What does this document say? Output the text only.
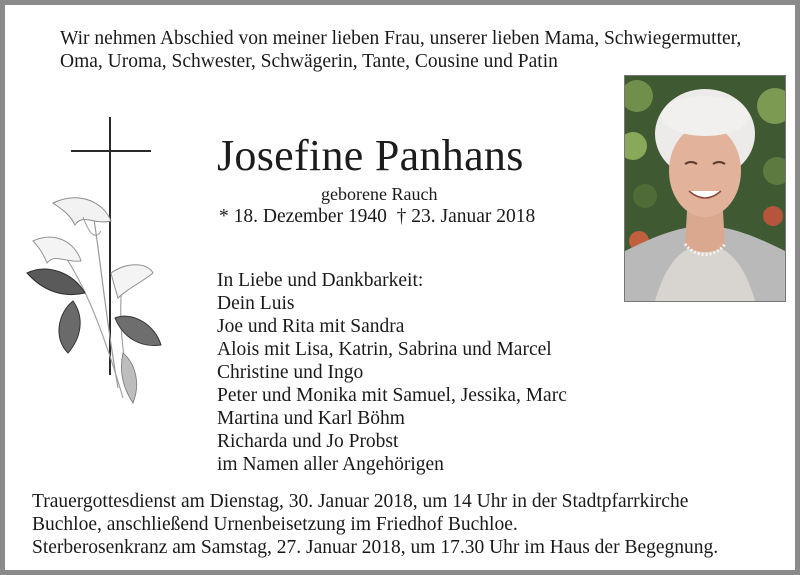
Wir nehmen Abschied von meiner lieben Frau, unserer lieben Mama, Schwiegermutter,
Oma, Uroma, Schwester, Schwägerin, Tante, Cousine und Patin
Josefine Panhans
geborene Rauch
* 18. Dezember 1940 † 23. Januar 2018
In Liebe und Dankbarkeit:
Dein Luis
Joe und Rita mit Sandra
Alois mit Lisa, Katrin, Sabrina und Marcel
Christine und Ingo
Peter und Monika mit Samuel, Jessika, Marc
Martina und Karl Böhm
Richarda und Jo Probst
im Namen aller Angehörigen
Trauergottesdienst am Dienstag, 30. Januar 2018, um 14 Uhr in der Stadtpfarrkirche
Buchloe, anschließend Urnenbeisetzung im Friedhof Buchloe.
Sterberosenkranz am Samstag, 27. Januar 2018, um 17.30 Uhr im Haus der Begegnung.
